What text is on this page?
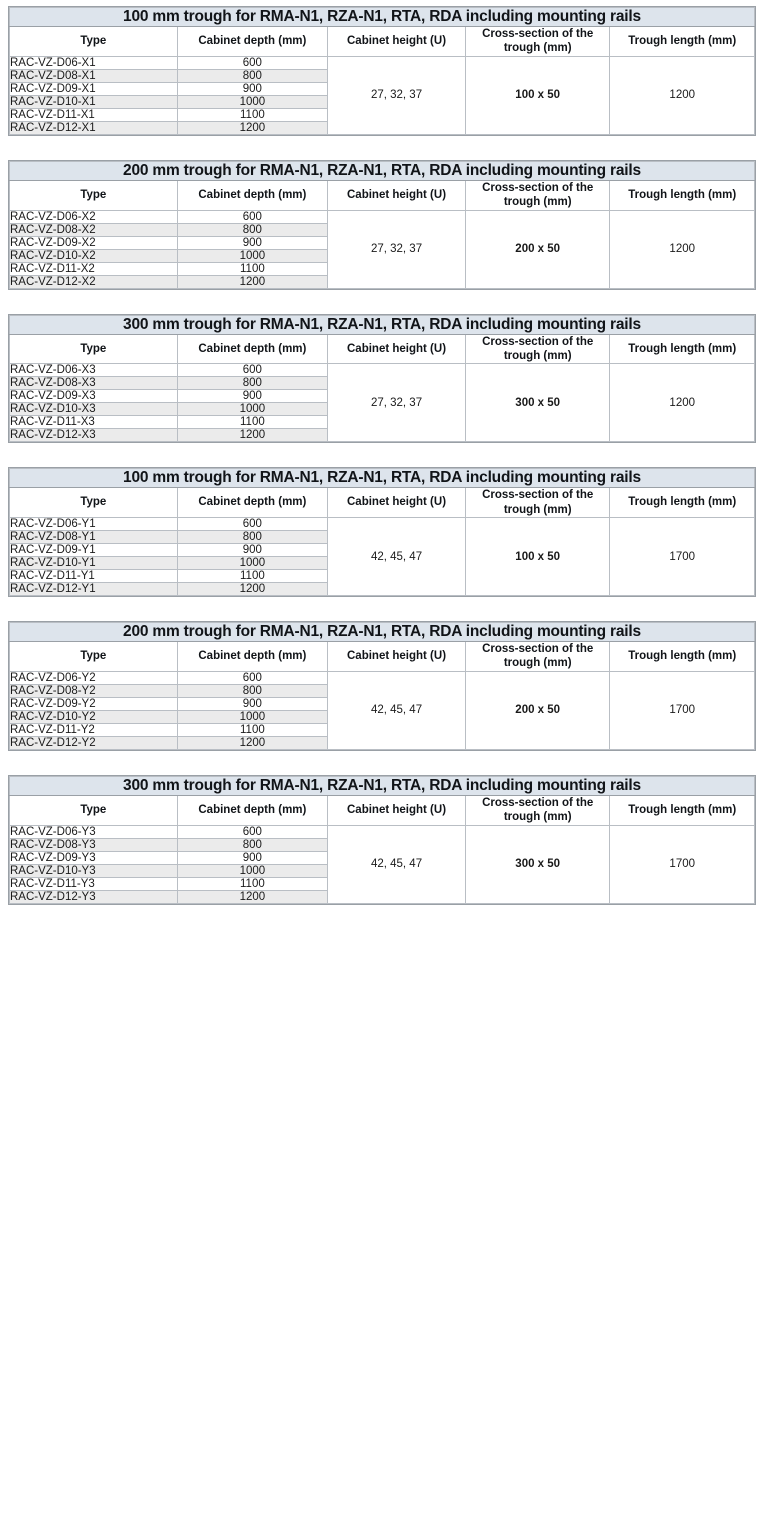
100 mm trough for RMA-N1, RZA-N1, RTA, RDA including mounting rails				
Type	Cabinet depth (mm)	Cabinet height (U)	Cross-section of the trough (mm)	Trough length (mm)
RAC-VZ-D06-X1	600	27, 32, 37	100 x 50	1200
RAC-VZ-D08-X1	800			
RAC-VZ-D09-X1	900			
RAC-VZ-D10-X1	1000			
RAC-VZ-D11-X1	1100			
RAC-VZ-D12-X1	1200			
200 mm trough for RMA-N1, RZA-N1, RTA, RDA including mounting rails				
Type	Cabinet depth (mm)	Cabinet height (U)	Cross-section of the trough (mm)	Trough length (mm)
RAC-VZ-D06-X2	600	27, 32, 37	200 x 50	1200
RAC-VZ-D08-X2	800			
RAC-VZ-D09-X2	900			
RAC-VZ-D10-X2	1000			
RAC-VZ-D11-X2	1100			
RAC-VZ-D12-X2	1200			
300 mm trough for RMA-N1, RZA-N1, RTA, RDA including mounting rails				
Type	Cabinet depth (mm)	Cabinet height (U)	Cross-section of the trough (mm)	Trough length (mm)
RAC-VZ-D06-X3	600	27, 32, 37	300 x 50	1200
RAC-VZ-D08-X3	800			
RAC-VZ-D09-X3	900			
RAC-VZ-D10-X3	1000			
RAC-VZ-D11-X3	1100			
RAC-VZ-D12-X3	1200			
100 mm trough for RMA-N1, RZA-N1, RTA, RDA including mounting rails				
Type	Cabinet depth (mm)	Cabinet height (U)	Cross-section of the trough (mm)	Trough length (mm)
RAC-VZ-D06-Y1	600	42, 45, 47	100 x 50	1700
RAC-VZ-D08-Y1	800			
RAC-VZ-D09-Y1	900			
RAC-VZ-D10-Y1	1000			
RAC-VZ-D11-Y1	1100			
RAC-VZ-D12-Y1	1200			
200 mm trough for RMA-N1, RZA-N1, RTA, RDA including mounting rails				
Type	Cabinet depth (mm)	Cabinet height (U)	Cross-section of the trough (mm)	Trough length (mm)
RAC-VZ-D06-Y2	600	42, 45, 47	200 x 50	1700
RAC-VZ-D08-Y2	800			
RAC-VZ-D09-Y2	900			
RAC-VZ-D10-Y2	1000			
RAC-VZ-D11-Y2	1100			
RAC-VZ-D12-Y2	1200			
300 mm trough for RMA-N1, RZA-N1, RTA, RDA including mounting rails				
Type	Cabinet depth (mm)	Cabinet height (U)	Cross-section of the trough (mm)	Trough length (mm)
RAC-VZ-D06-Y3	600	42, 45, 47	300 x 50	1700
RAC-VZ-D08-Y3	800			
RAC-VZ-D09-Y3	900			
RAC-VZ-D10-Y3	1000			
RAC-VZ-D11-Y3	1100			
RAC-VZ-D12-Y3	1200			
